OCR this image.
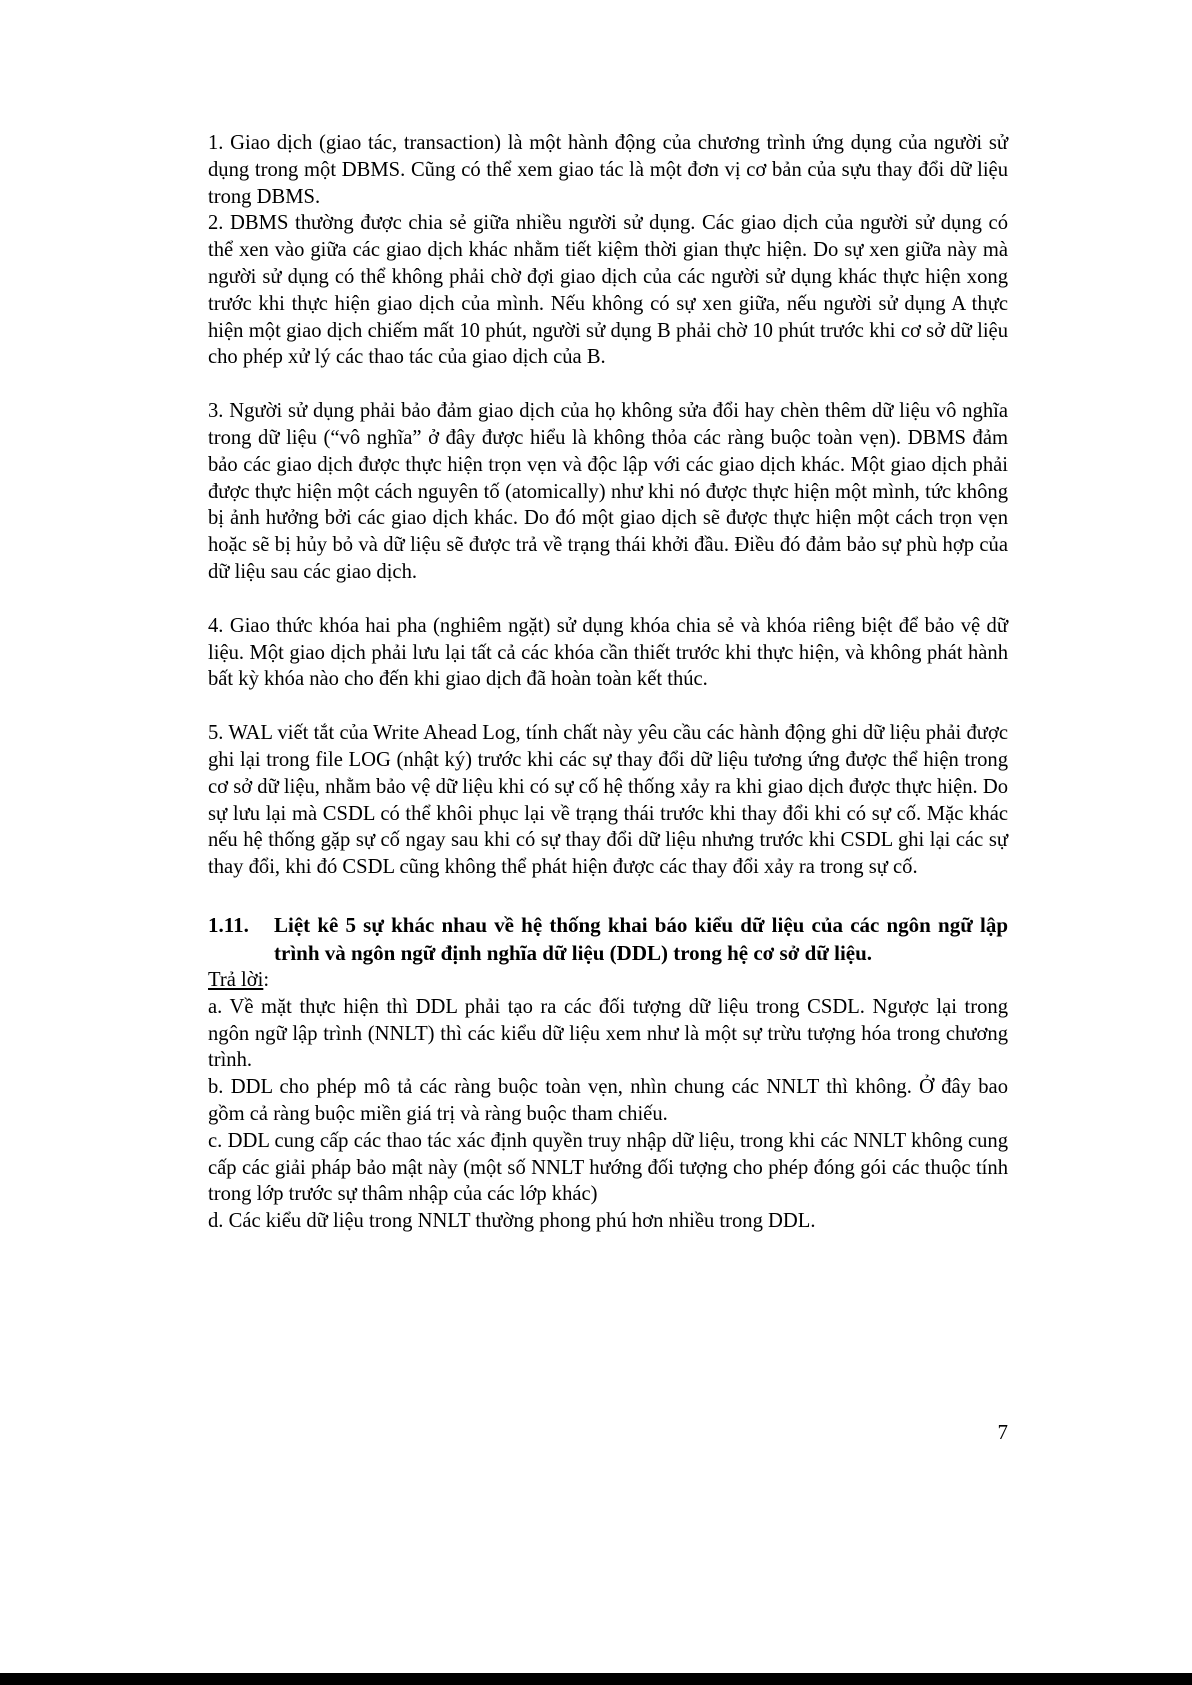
1. Giao dịch (giao tác, transaction) là một hành động của chương trình ứng dụng của người sử dụng trong một DBMS. Cũng có thể xem giao tác là một đơn vị cơ bản của sựu thay đổi dữ liệu trong DBMS.

2. DBMS thường được chia sẻ giữa nhiều người sử dụng. Các giao dịch của người sử dụng có thể xen vào giữa các giao dịch khác nhằm tiết kiệm thời gian thực hiện. Do sự xen giữa này mà người sử dụng có thể không phải chờ đợi giao dịch của các người sử dụng khác thực hiện xong trước khi thực hiện giao dịch của mình. Nếu không có sự xen giữa, nếu người sử dụng A thực hiện một giao dịch chiếm mất 10 phút, người sử dụng B phải chờ 10 phút trước khi cơ sở dữ liệu cho phép xử lý các thao tác của giao dịch của B.

3. Người sử dụng phải bảo đảm giao dịch của họ không sửa đổi hay chèn thêm dữ liệu vô nghĩa trong dữ liệu (“vô nghĩa” ở đây được hiểu là không thỏa các ràng buộc toàn vẹn). DBMS đảm bảo các giao dịch được thực hiện trọn vẹn và độc lập với các giao dịch khác. Một giao dịch phải được thực hiện một cách nguyên tố (atomically) như khi nó được thực hiện một mình, tức không bị ảnh hưởng bởi các giao dịch khác. Do đó một giao dịch sẽ được thực hiện một cách trọn vẹn hoặc sẽ bị hủy bỏ và dữ liệu sẽ được trả về trạng thái khởi đầu. Điều đó đảm bảo sự phù hợp của dữ liệu sau các giao dịch.

4. Giao thức khóa hai pha (nghiêm ngặt) sử dụng khóa chia sẻ và khóa riêng biệt để bảo vệ dữ liệu. Một giao dịch phải lưu lại tất cả các khóa cần thiết trước khi thực hiện, và không phát hành bất kỳ khóa nào cho đến khi giao dịch đã hoàn toàn kết thúc.

5. WAL viết tắt của Write Ahead Log, tính chất này yêu cầu các hành động ghi dữ liệu phải được ghi lại trong file LOG (nhật ký) trước khi các sự thay đổi dữ liệu tương ứng được thể hiện trong cơ sở dữ liệu, nhằm bảo vệ dữ liệu khi có sự cố hệ thống xảy ra khi giao dịch được thực hiện. Do sự lưu lại mà CSDL có thể khôi phục lại về trạng thái trước khi thay đổi khi có sự cố. Mặc khác nếu hệ thống gặp sự cố ngay sau khi có sự thay đổi dữ liệu nhưng trước khi CSDL ghi lại các sự thay đổi, khi đó CSDL cũng không thể phát hiện được các thay đổi xảy ra trong sự cố.

1.11.	Liệt kê 5 sự khác nhau về hệ thống khai báo kiểu dữ liệu của các ngôn ngữ lập trình và ngôn ngữ định nghĩa dữ liệu (DDL) trong hệ cơ sở dữ liệu.

Trả lời:

a. Về mặt thực hiện thì DDL phải tạo ra các đối tượng dữ liệu trong CSDL. Ngược lại trong ngôn ngữ lập trình (NNLT) thì các kiểu dữ liệu xem như là một sự trừu tượng hóa trong chương trình.

b. DDL cho phép mô tả các ràng buộc toàn vẹn, nhìn chung các NNLT thì không. Ở đây bao gồm cả ràng buộc miền giá trị và ràng buộc tham chiếu.

c. DDL cung cấp các thao tác xác định quyền truy nhập dữ liệu, trong khi các NNLT không cung cấp các giải pháp bảo mật này (một số NNLT hướng đối tượng cho phép đóng gói các thuộc tính trong lớp trước sự thâm nhập của các lớp khác)

d. Các kiểu dữ liệu trong NNLT thường phong phú hơn nhiều trong DDL.

7
